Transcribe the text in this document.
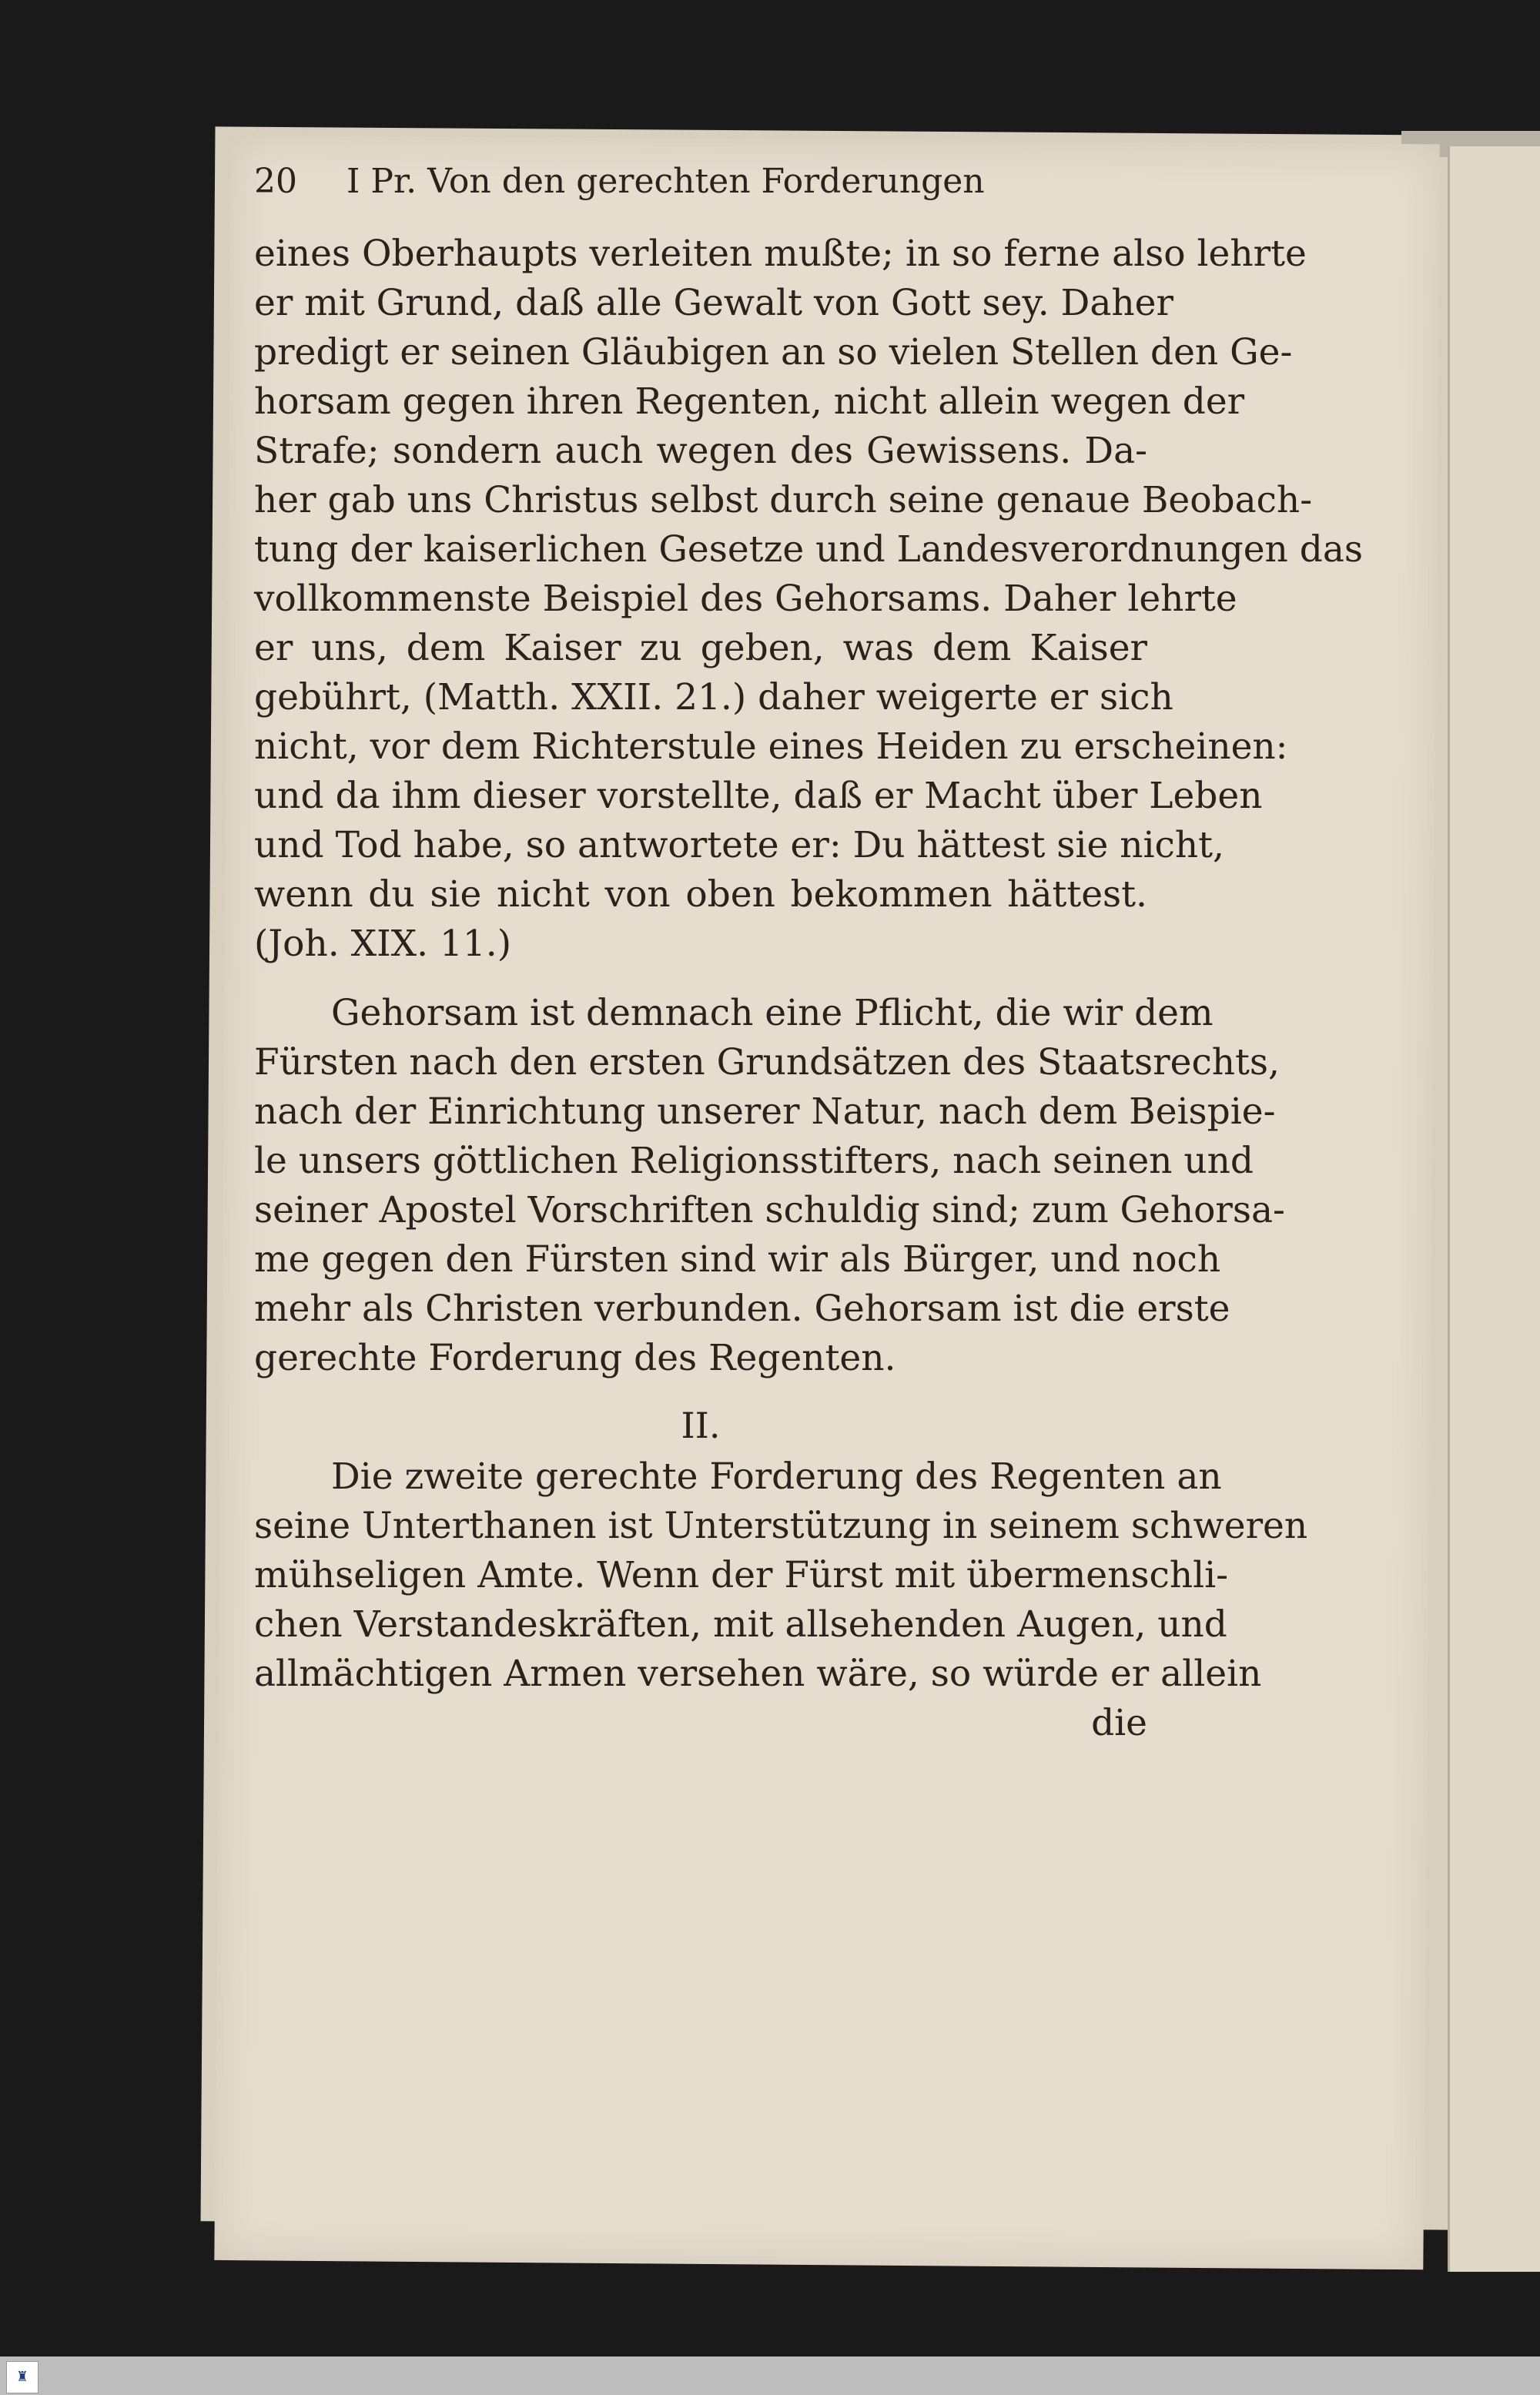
20 I Pr. Von den gerechten Forderungen
eines Oberhaupts verleiten mußte; in so ferne also lehrte
er mit Grund, daß alle Gewalt von Gott sey. Daher
predigt er seinen Gläubigen an so vielen Stellen den Ge-
horsam gegen ihren Regenten, nicht allein wegen der
Strafe; sondern auch wegen des Gewissens. Da-
her gab uns Christus selbst durch seine genaue Beobach-
tung der kaiserlichen Gesetze und Landesverordnungen das
vollkommenste Beispiel des Gehorsams. Daher lehrte
er uns, dem Kaiser zu geben, was dem Kaiser
gebührt, (Matth. XXII. 21.) daher weigerte er sich
nicht, vor dem Richterstule eines Heiden zu erscheinen:
und da ihm dieser vorstellte, daß er Macht über Leben
und Tod habe, so antwortete er: Du hättest sie nicht,
wenn du sie nicht von oben bekommen hättest.
(Joh. XIX. 11.)
Gehorsam ist demnach eine Pflicht, die wir dem
Fürsten nach den ersten Grundsätzen des Staatsrechts,
nach der Einrichtung unserer Natur, nach dem Beispie-
le unsers göttlichen Religionsstifters, nach seinen und
seiner Apostel Vorschriften schuldig sind; zum Gehorsa-
me gegen den Fürsten sind wir als Bürger, und noch
mehr als Christen verbunden. Gehorsam ist die erste
gerechte Forderung des Regenten.
II.
Die zweite gerechte Forderung des Regenten an
seine Unterthanen ist Unterstützung in seinem schweren
mühseligen Amte. Wenn der Fürst mit übermenschli-
chen Verstandeskräften, mit allsehenden Augen, und
allmächtigen Armen versehen wäre, so würde er allein
die
♜
